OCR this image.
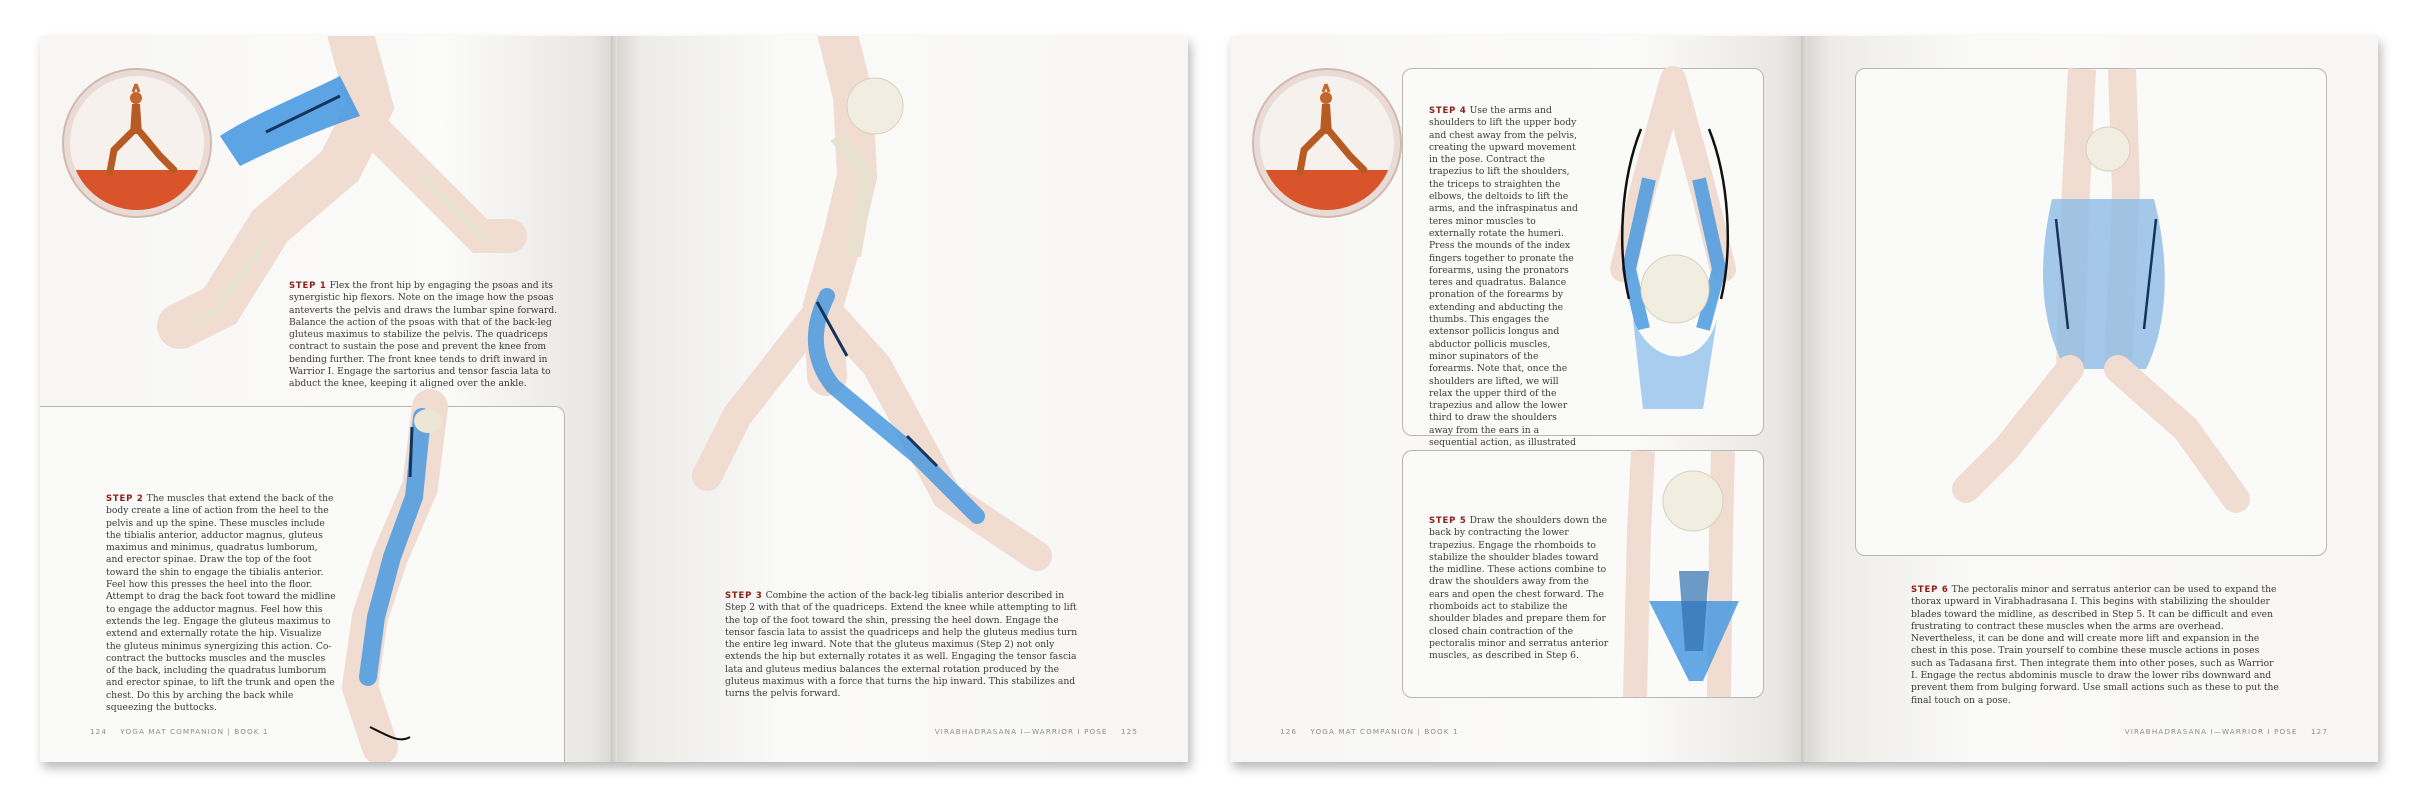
STEP 1 Flex the front hip by engaging the psoas and its synergistic hip flexors. Note on the image how the psoas anteverts the pelvis and draws the lumbar spine forward. Balance the action of the psoas with that of the back-leg gluteus maximus to stabilize the pelvis. The quadriceps contract to sustain the pose and prevent the knee from bending further. The front knee tends to drift inward in Warrior I. Engage the sartorius and tensor fascia lata to abduct the knee, keeping it aligned over the ankle.
STEP 2 The muscles that extend the back of the body create a line of action from the heel to the pelvis and up the spine. These muscles include the tibialis anterior, adductor magnus, gluteus maximus and minimus, quadratus lumborum, and erector spinae. Draw the top of the foot toward the shin to engage the tibialis anterior. Feel how this presses the heel into the floor. Attempt to drag the back foot toward the midline to engage the adductor magnus. Feel how this extends the leg. Engage the gluteus maximus to extend and externally rotate the hip. Visualize the gluteus minimus synergizing this action. Co-contract the buttocks muscles and the muscles of the back, including the quadratus lumborum and erector spinae, to lift the trunk and open the chest. Do this by arching the back while squeezing the buttocks.
124 YOGA MAT COMPANION | BOOK 1
STEP 3 Combine the action of the back-leg tibialis anterior described in Step 2 with that of the quadriceps. Extend the knee while attempting to lift the top of the foot toward the shin, pressing the heel down. Engage the tensor fascia lata to assist the quadriceps and help the gluteus medius turn the entire leg inward. Note that the gluteus maximus (Step 2) not only extends the hip but externally rotates it as well. Engaging the tensor fascia lata and gluteus medius balances the external rotation produced by the gluteus maximus with a force that turns the hip inward. This stabilizes and turns the pelvis forward.
VIRABHADRASANA I—WARRIOR I POSE 125
STEP 4 Use the arms and shoulders to lift the upper body and chest away from the pelvis, creating the upward movement in the pose. Contract the trapezius to lift the shoulders, the triceps to straighten the elbows, the deltoids to lift the arms, and the infraspinatus and teres minor muscles to externally rotate the humeri. Press the mounds of the index fingers together to pronate the forearms, using the pronators teres and quadratus. Balance pronation of the forearms by extending and abducting the thumbs. This engages the extensor pollicis longus and abductor pollicis muscles, minor supinators of the forearms. Note that, once the shoulders are lifted, we will relax the upper third of the trapezius and allow the lower third to draw the shoulders away from the ears in a sequential action, as illustrated
STEP 5 Draw the shoulders down the back by contracting the lower trapezius. Engage the rhomboids to stabilize the shoulder blades toward the midline. These actions combine to draw the shoulders away from the ears and open the chest forward. The rhomboids act to stabilize the shoulder blades and prepare them for closed chain contraction of the pectoralis minor and serratus anterior muscles, as described in Step 6.
126 YOGA MAT COMPANION | BOOK 1
STEP 6 The pectoralis minor and serratus anterior can be used to expand the thorax upward in Virabhadrasana I. This begins with stabilizing the shoulder blades toward the midline, as described in Step 5. It can be difficult and even frustrating to contract these muscles when the arms are overhead. Nevertheless, it can be done and will create more lift and expansion in the chest in this pose. Train yourself to combine these muscle actions in poses such as Tadasana first. Then integrate them into other poses, such as Warrior I. Engage the rectus abdominis muscle to draw the lower ribs downward and prevent them from bulging forward. Use small actions such as these to put the final touch on a pose.
VIRABHADRASANA I—WARRIOR I POSE 127
